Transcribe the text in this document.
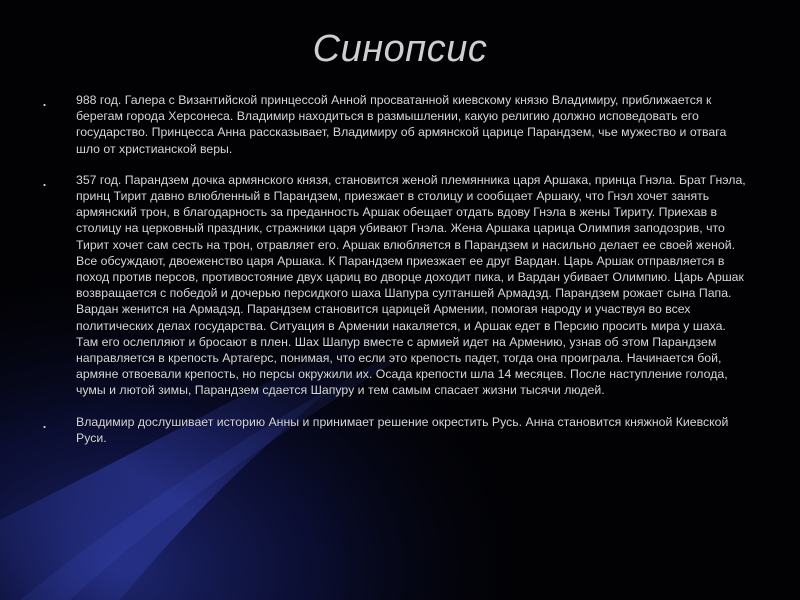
Синопсис
. 988 год. Галера с Византийской принцессой Анной просватанной киевскому князю Владимиру, приближается к берегам города Херсонеса. Владимир находиться в размышлении, какую религию должно исповедовать его государство. Принцесса Анна рассказывает, Владимиру об армянской царице Парандзем, чье мужество и отвага шло от христианской веры.

. 357 год. Парандзем дочка армянского князя, становится женой племянника царя Аршака, принца Гнэла. Брат Гнэла, принц Тирит давно влюбленный в Парандзем, приезжает в столицу и сообщает Аршаку, что Гнэл хочет занять армянский трон, в благодарность за преданность Аршак обещает отдать вдову Гнэла в жены Тириту. Приехав в столицу на церковный праздник, стражники царя убивают Гнэла. Жена Аршака царица Олимпия заподозрив, что Тирит хочет сам сесть на трон, отравляет его. Аршак влюбляется в Парандзем и насильно делает ее своей женой. Все обсуждают, двоеженство царя Аршака. К Парандзем приезжает ее друг Вардан. Царь Аршак отправляется в поход против персов, противостояние двух цариц во дворце доходит пика, и Вардан убивает Олимпию. Царь Аршак возвращается с победой и дочерью персидкого шаха Шапура султаншей Армадэд. Парандзем рожает сына Папа. Вардан женится на Армадэд. Парандзем становится царицей Армении, помогая народу и участвуя во всех политических делах государства. Ситуация в Армении накаляется, и Аршак едет в Персию просить мира у шаха. Там его ослепляют и бросают в плен. Шах Шапур вместе с армией идет на Армению, узнав об этом Парандзем направляется в крепость Артагерс, понимая, что если это крепость падет, тогда она проиграла. Начинается бой, армяне отвоевали крепость, но персы окружили их. Осада крепости шла 14 месяцев. После наступление голода, чумы и лютой зимы, Парандзем сдается Шапуру и тем самым спасает жизни тысячи людей.

. Владимир дослушивает историю Анны и принимает решение окрестить Русь. Анна становится княжной Киевской Руси.
